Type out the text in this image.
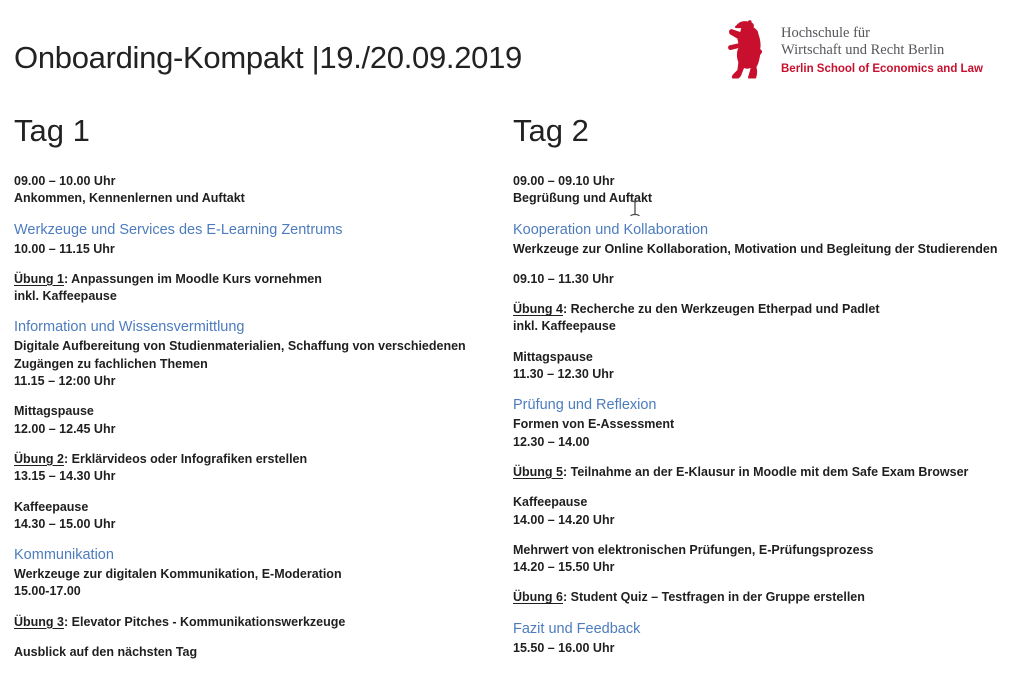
Onboarding-Kompakt |19./20.09.2019
Hochschule für
Wirtschaft und Recht Berlin
Berlin School of Economics and Law
Tag 1
09.00 – 10.00 Uhr
Ankommen, Kennenlernen und Auftakt
Werkzeuge und Services des E-Learning Zentrums
10.00 – 11.15 Uhr
Übung 1: Anpassungen im Moodle Kurs vornehmen
inkl. Kaffeepause
Information und Wissensvermittlung
Digitale Aufbereitung von Studienmaterialien, Schaffung von verschiedenen
Zugängen zu fachlichen Themen
11.15 – 12:00 Uhr
Mittagspause
12.00 – 12.45 Uhr
Übung 2: Erklärvideos oder Infografiken erstellen
13.15 – 14.30 Uhr
Kaffeepause
14.30 – 15.00 Uhr
Kommunikation
Werkzeuge zur digitalen Kommunikation, E-Moderation
15.00-17.00
Übung 3: Elevator Pitches - Kommunikationswerkzeuge
Ausblick auf den nächsten Tag
Tag 2
09.00 – 09.10 Uhr
Begrüßung und Auftakt
Kooperation und Kollaboration
Werkzeuge zur Online Kollaboration, Motivation und Begleitung der Studierenden
09.10 – 11.30 Uhr
Übung 4: Recherche zu den Werkzeugen Etherpad und Padlet
inkl. Kaffeepause
Mittagspause
11.30 – 12.30 Uhr
Prüfung und Reflexion
Formen von E-Assessment
12.30 – 14.00
Übung 5: Teilnahme an der E-Klausur in Moodle mit dem Safe Exam Browser
Kaffeepause
14.00 – 14.20 Uhr
Mehrwert von elektronischen Prüfungen, E-Prüfungsprozess
14.20 – 15.50 Uhr
Übung 6: Student Quiz – Testfragen in der Gruppe erstellen
Fazit und Feedback
15.50 – 16.00 Uhr
